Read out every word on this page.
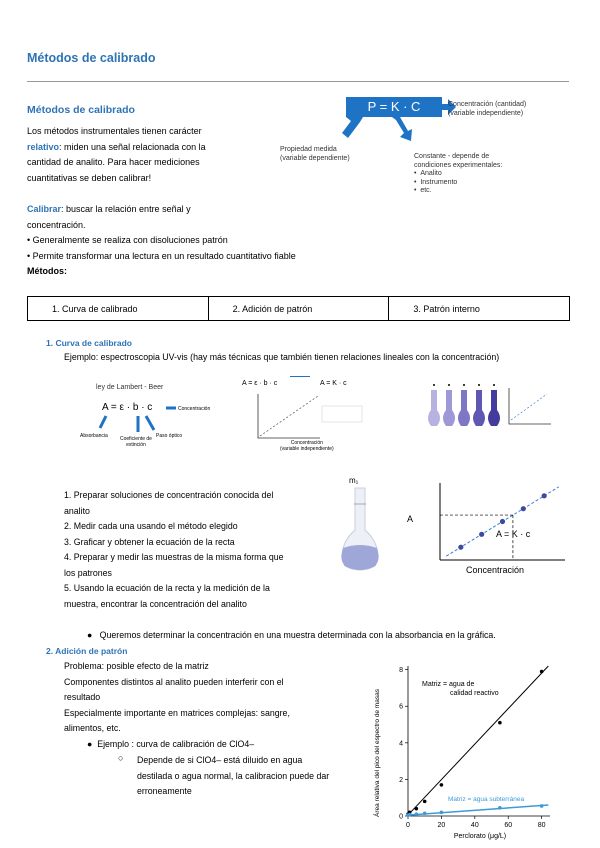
Métodos de calibrado
Métodos de calibrado
Los métodos instrumentales tienen carácter
relativo: miden una señal relacionada con la
cantidad de analito. Para hacer mediciones
cuantitativas se deben calibrar!
Calibrar: buscar la relación entre señal y
concentración.
• Generalmente se realiza con disoluciones patrón
• Permite transformar una lectura en un resultado cuantitativo fiable
Métodos:
P = K · C	Concentración (cantidad)
(variable independiente)
Propiedad medida
(variable dependiente)	Constante - depende de
condiciones experimentales:
•  Analito
•  Instrumento
•  etc.
1. Curva de calibrado	2. Adición de patrón	3. Patrón interno
1. Curva de calibrado
Ejemplo: espectroscopia UV-vis (hay más técnicas que también tienen relaciones lineales con la concentración)
ley de Lambert - Beer
A = ε · b · c
Absorbancia Coeficiente de
extinción
Paso óptico
Concentración
A = ε · b · c	A = K · c
Concentración
(variable independiente)
1. Preparar soluciones de concentración conocida del
analito
2. Medir cada una usando el método elegido
3. Graficar y obtener la ecuación de la recta
4. Preparar y medir las muestras de la misma forma que
los patrones
5. Usando la ecuación de la recta y la medición de la
muestra, encontrar la concentración del analito
m₁
A
Concentración
A = K · c
● Queremos determinar la concentración en una muestra determinada con la absorbancia en la gráfica.
2. Adición de patrón
Problema: posible efecto de la matriz
Componentes distintos al analito pueden interferir con el
resultado
Especialmente importante en matrices complejas: sangre,
alimentos, etc.
● Ejemplo : curva de calibración de ClO4–
○ Depende de si ClO4– está diluido en agua
destilada o agua normal, la calibracion puede dar
erroneamente
0
2
4
6
8
0	20	40	60	80
Área relativa del pico del espectro de masas
Perclorato (μg/L)
Matriz = agua de
calidad reactivo
Matriz = agua subterránea
